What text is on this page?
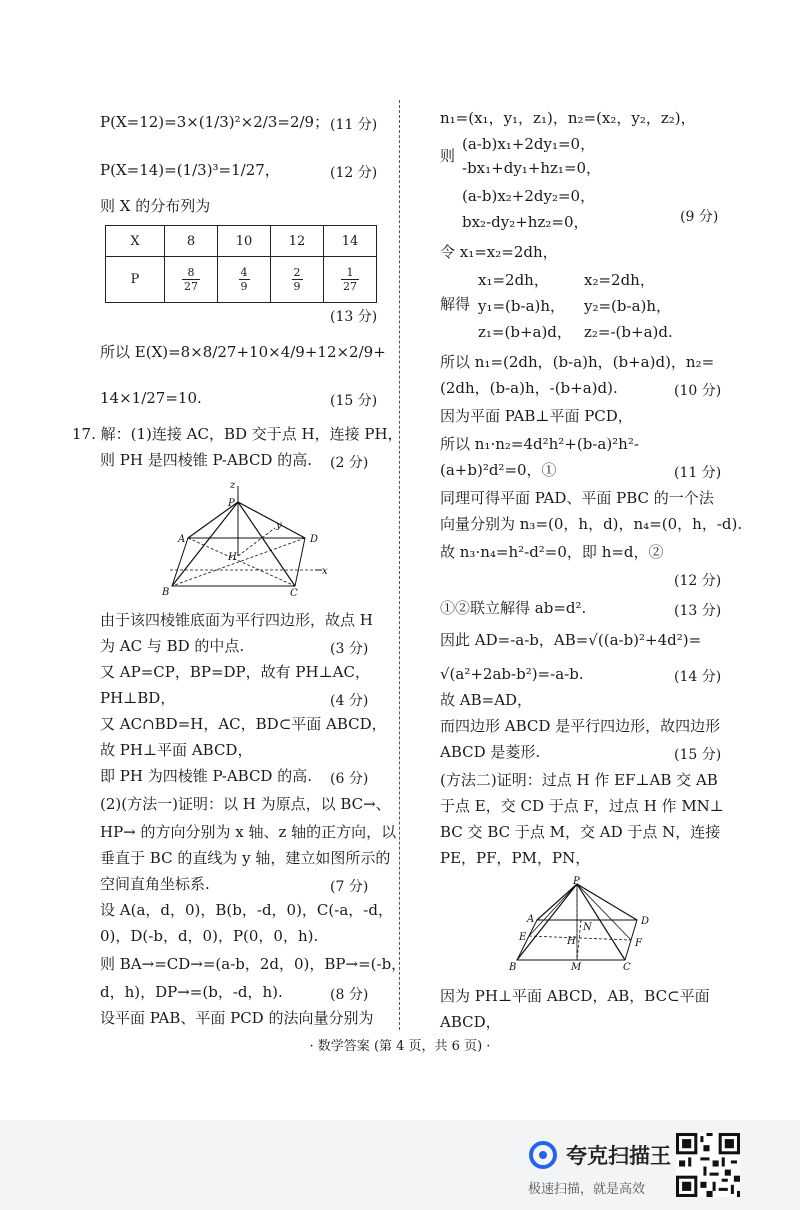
P(X=12)=3×(1/3)²×2/3=2/9； (11 分)
P(X=14)=(1/3)³=1/27，	(12 分)
则 X 的分布列为
X	8	10	12	14
P	$\frac{8}{27}$	$\frac{4}{9}$	$\frac{2}{9}$	$\frac{1}{27}$
(13 分)
所以 E(X)=8×8/27+10×4/9+12×2/9+
14×1/27=10.	(15 分)
17. 解：(1)连接 AC，BD 交于点 H，连接 PH，
则 PH 是四棱锥 P-ABCD 的高. (2 分)
z
P
A
y
D
H
x
B	C
由于该四棱锥底面为平行四边形，故点 H
为 AC 与 BD 的中点.	(3 分)
又 AP=CP，BP=DP，故有 PH⊥AC，
PH⊥BD，	(4 分)
又 AC∩BD=H，AC，BD⊂平面 ABCD，
故 PH⊥平面 ABCD，
即 PH 为四棱锥 P-ABCD 的高. (6 分)
(2)(方法一)证明：以 H 为原点，以 BC→、
HP→ 的方向分别为 x 轴、z 轴的正方向，以
垂直于 BC 的直线为 y 轴，建立如图所示的
空间直角坐标系.	(7 分)
设 A(a，d，0)，B(b，-d，0)，C(-a，-d，
0)，D(-b，d，0)，P(0，0，h).
则 BA→=CD→=(a-b，2d，0)，BP→=(-b，
d，h)，DP→=(b，-d，h).	(8 分)
设平面 PAB、平面 PCD 的法向量分别为
n₁=(x₁，y₁，z₁)，n₂=(x₂，y₂，z₂)，
则
(a-b)x₁+2dy₁=0，
-bx₁+dy₁+hz₁=0，
(a-b)x₂+2dy₂=0，
bx₂-dy₂+hz₂=0，	(9 分)
令 x₁=x₂=2dh，
解得
x₁=2dh， x₂=2dh，
y₁=(b-a)h， y₂=(b-a)h，
z₁=(b+a)d， z₂=-(b+a)d.
所以 n₁=(2dh，(b-a)h，(b+a)d)，n₂=
(2dh，(b-a)h，-(b+a)d).	(10 分)
因为平面 PAB⊥平面 PCD，
所以 n₁·n₂=4d²h²+(b-a)²h²-
(a+b)²d²=0，①	(11 分)
同理可得平面 PAD、平面 PBC 的一个法
向量分别为 n₃=(0，h，d)，n₄=(0，h，-d).
故 n₃·n₄=h²-d²=0，即 h=d，②
(12 分)
①②联立解得 ab=d².	(13 分)
因此 AD=-a-b，AB=√((a-b)²+4d²)=
√(a²+2ab-b²)=-a-b.	(14 分)
故 AB=AD，
而四边形 ABCD 是平行四边形，故四边形
ABCD 是菱形.	(15 分)
(方法二)证明：过点 H 作 EF⊥AB 交 AB
于点 E，交 CD 于点 F，过点 H 作 MN⊥
BC 交 BC 于点 M，交 AD 于点 N，连接
PE，PF，PM，PN，
P
A
N
D
E	H	F
B	M	C
因为 PH⊥平面 ABCD，AB，BC⊂平面
ABCD，
· 数学答案 (第 4 页，共 6 页) ·
夸克扫描王
极速扫描，就是高效
